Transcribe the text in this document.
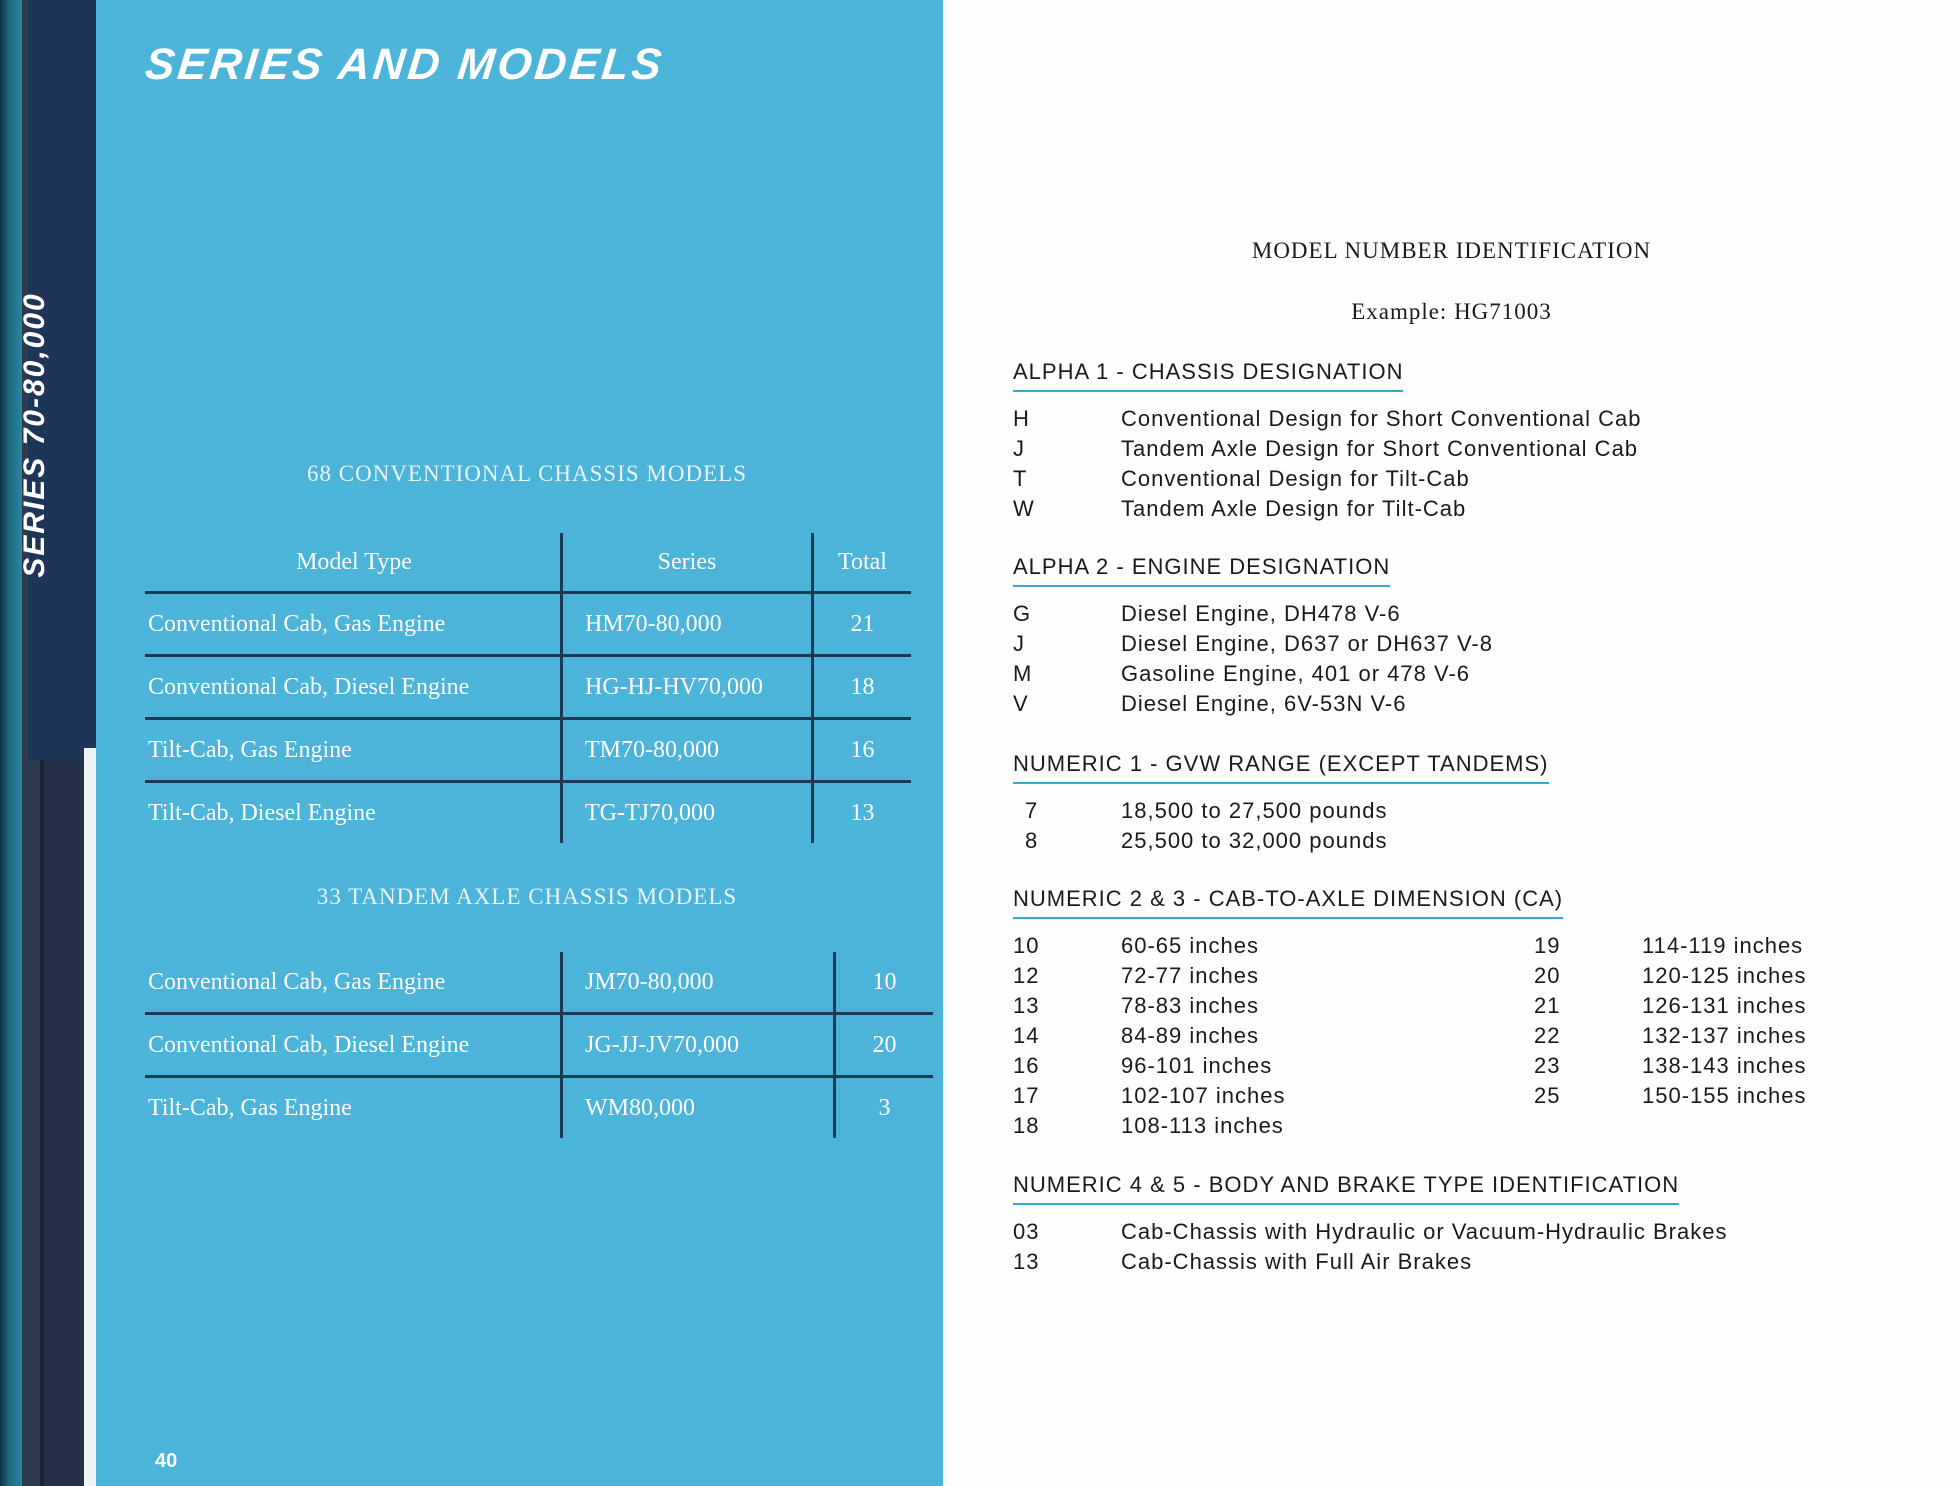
SERIES 70-80,000
SERIES AND MODELS
68 CONVENTIONAL CHASSIS MODELS
Model Type	Series	Total
Conventional Cab, Gas Engine	HM70-80,000	21
Conventional Cab, Diesel Engine	HG-HJ-HV70,000	18
Tilt-Cab, Gas Engine	TM70-80,000	16
Tilt-Cab, Diesel Engine	TG-TJ70,000	13
33 TANDEM AXLE CHASSIS MODELS
Conventional Cab, Gas Engine	JM70-80,000	10
Conventional Cab, Diesel Engine	JG-JJ-JV70,000	20
Tilt-Cab, Gas Engine	WM80,000	3
40
MODEL NUMBER IDENTIFICATION
Example: HG71003
ALPHA 1 - CHASSIS DESIGNATION
H	Conventional Design for Short Conventional Cab
J	Tandem Axle Design for Short Conventional Cab
T	Conventional Design for Tilt-Cab
W	Tandem Axle Design for Tilt-Cab
ALPHA 2 - ENGINE DESIGNATION
G	Diesel Engine, DH478 V-6
J	Diesel Engine, D637 or DH637 V-8
M	Gasoline Engine, 401 or 478 V-6
V	Diesel Engine, 6V-53N V-6
NUMERIC 1 - GVW RANGE (EXCEPT TANDEMS)
7	18,500 to 27,500 pounds
8	25,500 to 32,000 pounds
NUMERIC 2 & 3 - CAB-TO-AXLE DIMENSION (CA)
10	60-65 inches
12	72-77 inches
13	78-83 inches
14	84-89 inches
16	96-101 inches
17	102-107 inches
18	108-113 inches
19	114-119 inches
20	120-125 inches
21	126-131 inches
22	132-137 inches
23	138-143 inches
25	150-155 inches
NUMERIC 4 & 5 - BODY AND BRAKE TYPE IDENTIFICATION
03	Cab-Chassis with Hydraulic or Vacuum-Hydraulic Brakes
13	Cab-Chassis with Full Air Brakes
